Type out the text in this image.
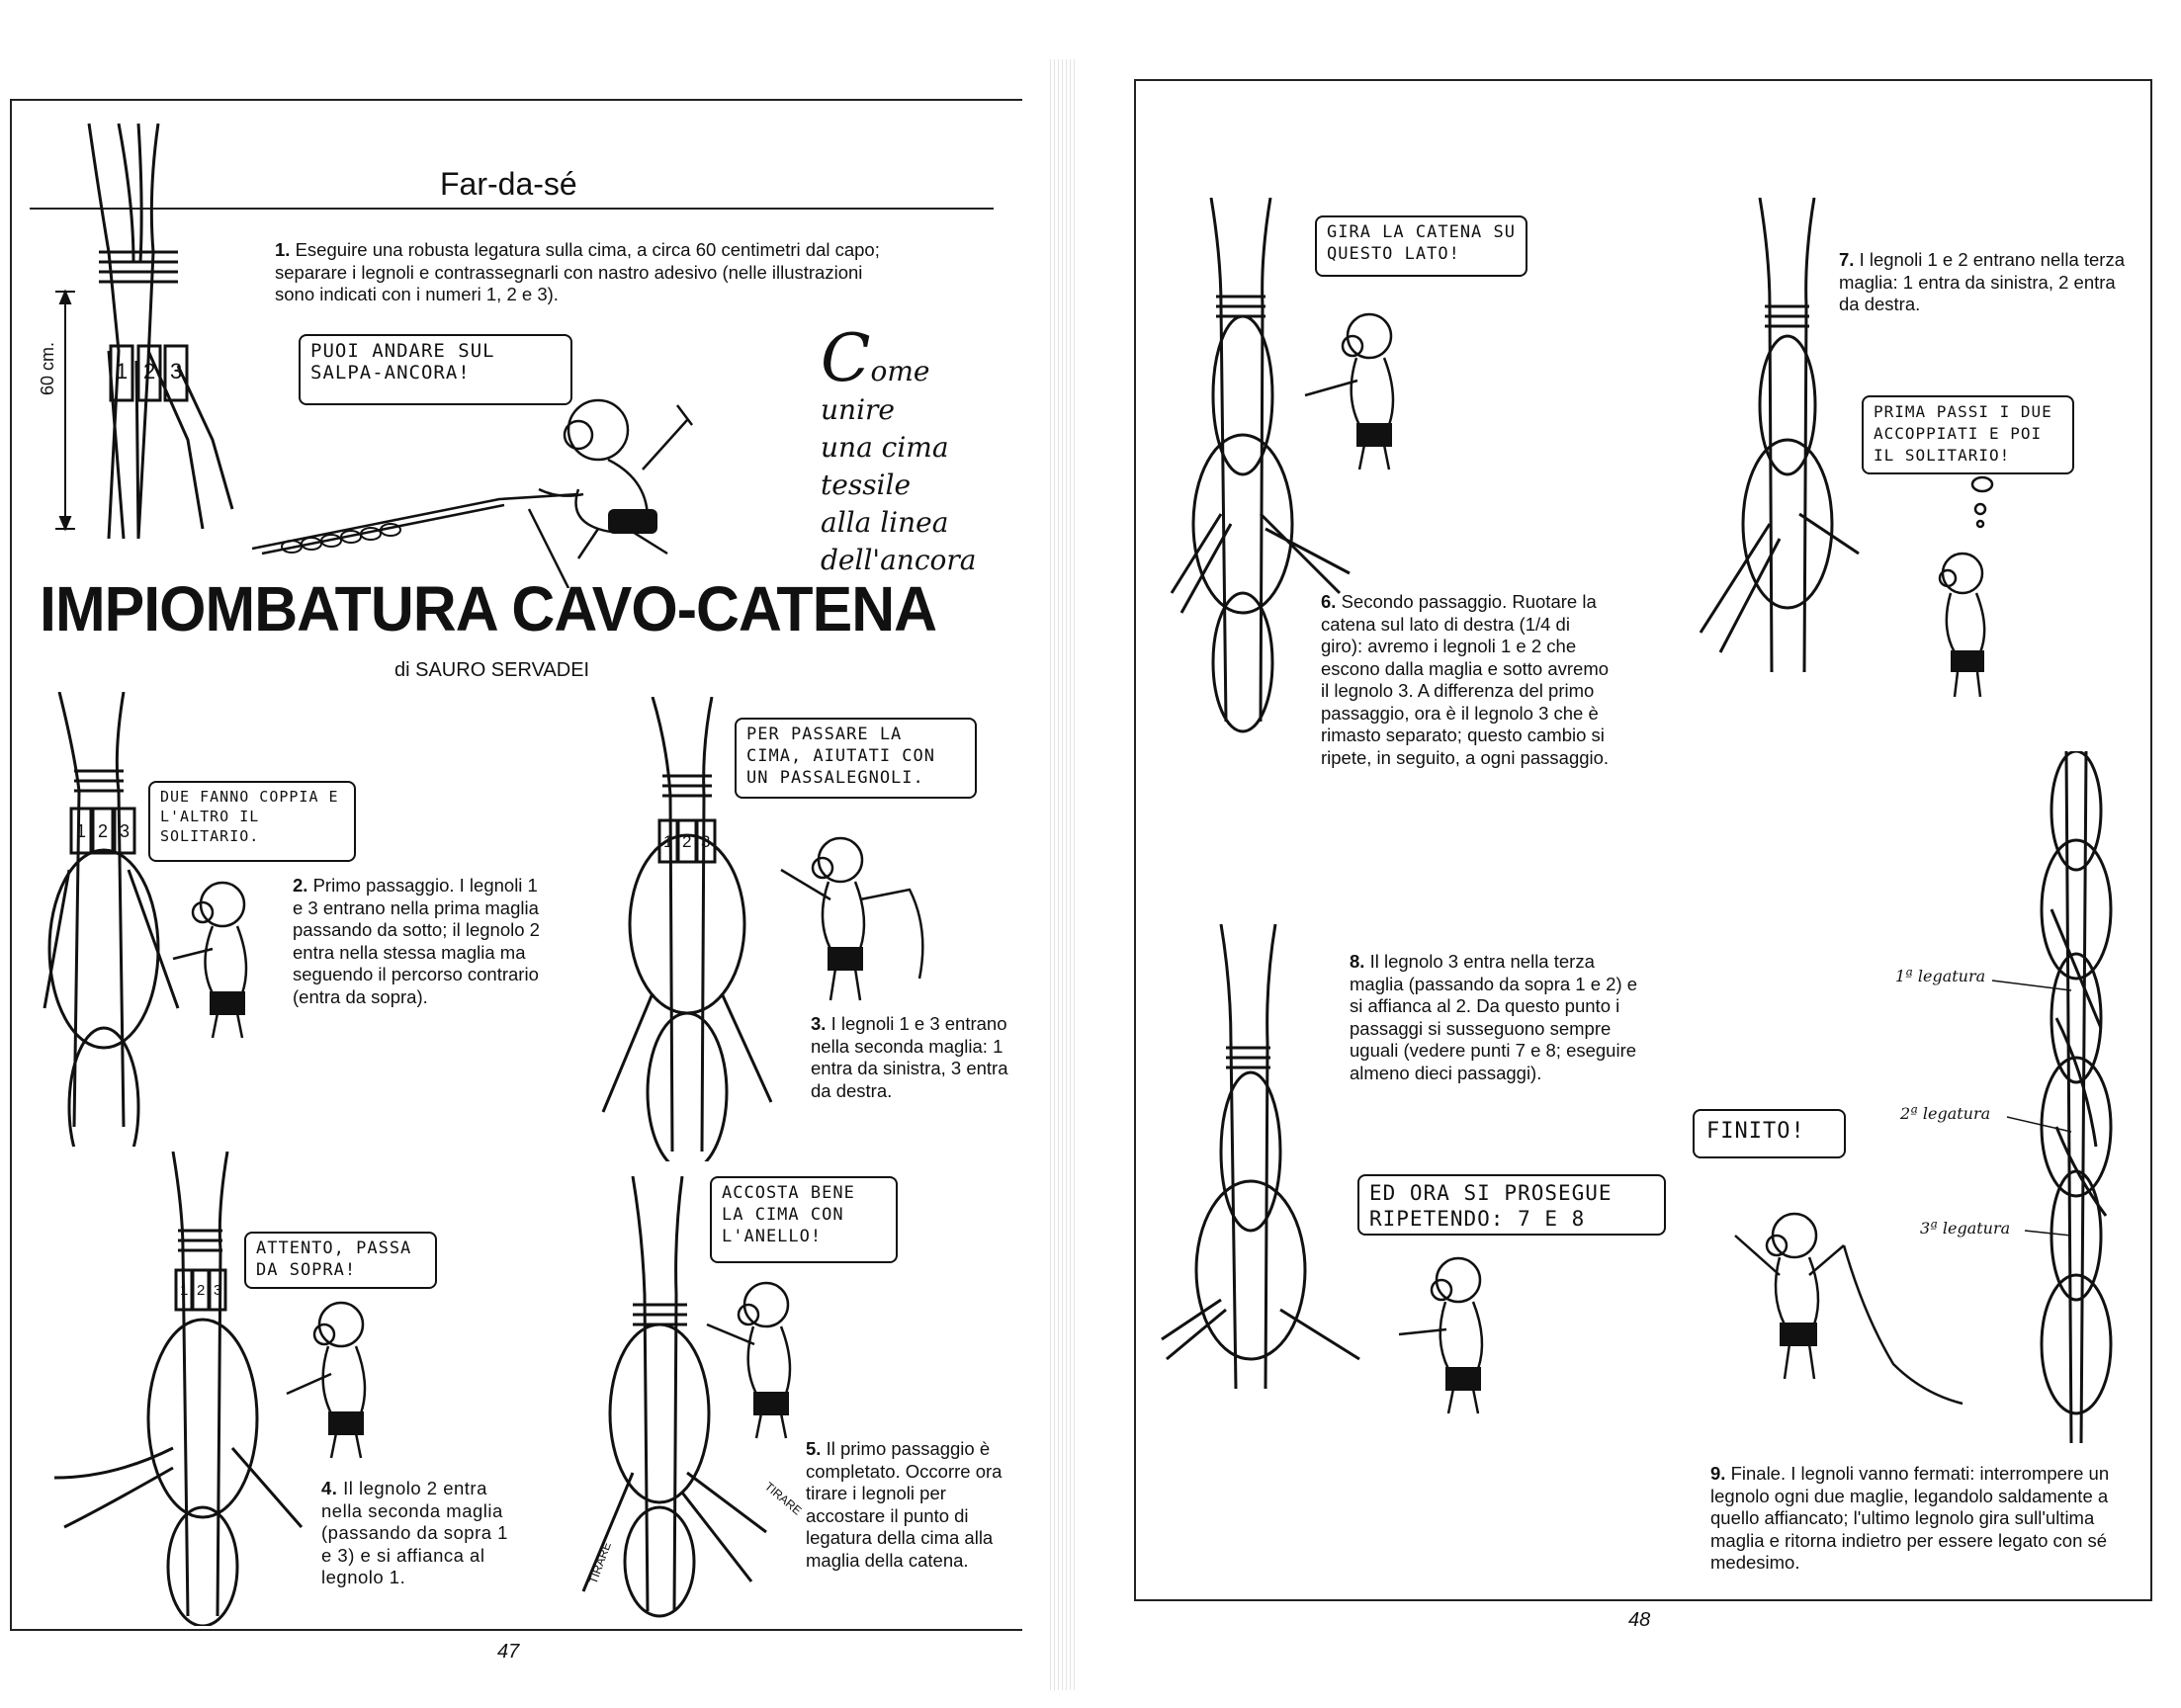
Far-da-sé
1 2 3
60 cm.
1. Eseguire una robusta legatura sulla cima, a circa 60 centimetri dal capo; separare i legnoli e contrassegnarli con nastro adesivo (nelle illustrazioni sono indicati con i numeri 1, 2 e 3).
PUOI ANDARE SUL SALPA-ANCORA!	Come
unire
una cima
tessile
alla linea
dell'ancora
IMPIOMBATURA CAVO-CATENA
di SAURO SERVADEI
1 2 3
DUE FANNO COPPIA E L'ALTRO IL SOLITARIO.
2. Primo passaggio. I legnoli 1 e 3 entrano nella prima maglia passando da sotto; il legnolo 2 entra nella stessa maglia ma seguendo il percorso contrario (entra da sopra).
1 2 3
PER PASSARE LA CIMA, AIUTATI CON UN PASSALEGNOLI.
3. I legnoli 1 e 3 entrano nella seconda maglia: 1 entra da sinistra, 3 entra da destra.
1 2 3
ATTENTO, PASSA DA SOPRA!
4. Il legnolo 2 entra nella seconda maglia (passando da sopra 1 e 3) e si affianca al legnolo 1.	TIRARE
TIRARE
ACCOSTA BENE LA CIMA CON L'ANELLO!
5. Il primo passaggio è completato. Occorre ora tirare i legnoli per accostare il punto di legatura della cima alla maglia della catena.
47
GIRA LA CATENA SU QUESTO LATO!
6. Secondo passaggio. Ruotare la catena sul lato di destra (1/4 di giro): avremo i legnoli 1 e 2 che escono dalla maglia e sotto avremo il legnolo 3. A differenza del primo passaggio, ora è il legnolo 3 che è rimasto separato; questo cambio si ripete, in seguito, a ogni passaggio.
7. I legnoli 1 e 2 entrano nella terza maglia: 1 entra da sinistra, 2 entra da destra.
PRIMA PASSI I DUE ACCOPPIATI E POI IL SOLITARIO!
8. Il legnolo 3 entra nella terza maglia (passando da sopra 1 e 2) e si affianca al 2. Da questo punto i passaggi si susseguono sempre uguali (vedere punti 7 e 8; eseguire almeno dieci passaggi).
ED ORA SI PROSEGUE RIPETENDO: 7 E 8
FINITO!
1ª legatura
2ª legatura
3ª legatura
9. Finale. I legnoli vanno fermati: interrompere un legnolo ogni due maglie, legandolo saldamente a quello affiancato; l'ultimo legnolo gira sull'ultima maglia e ritorna indietro per essere legato con sé medesimo.
48
